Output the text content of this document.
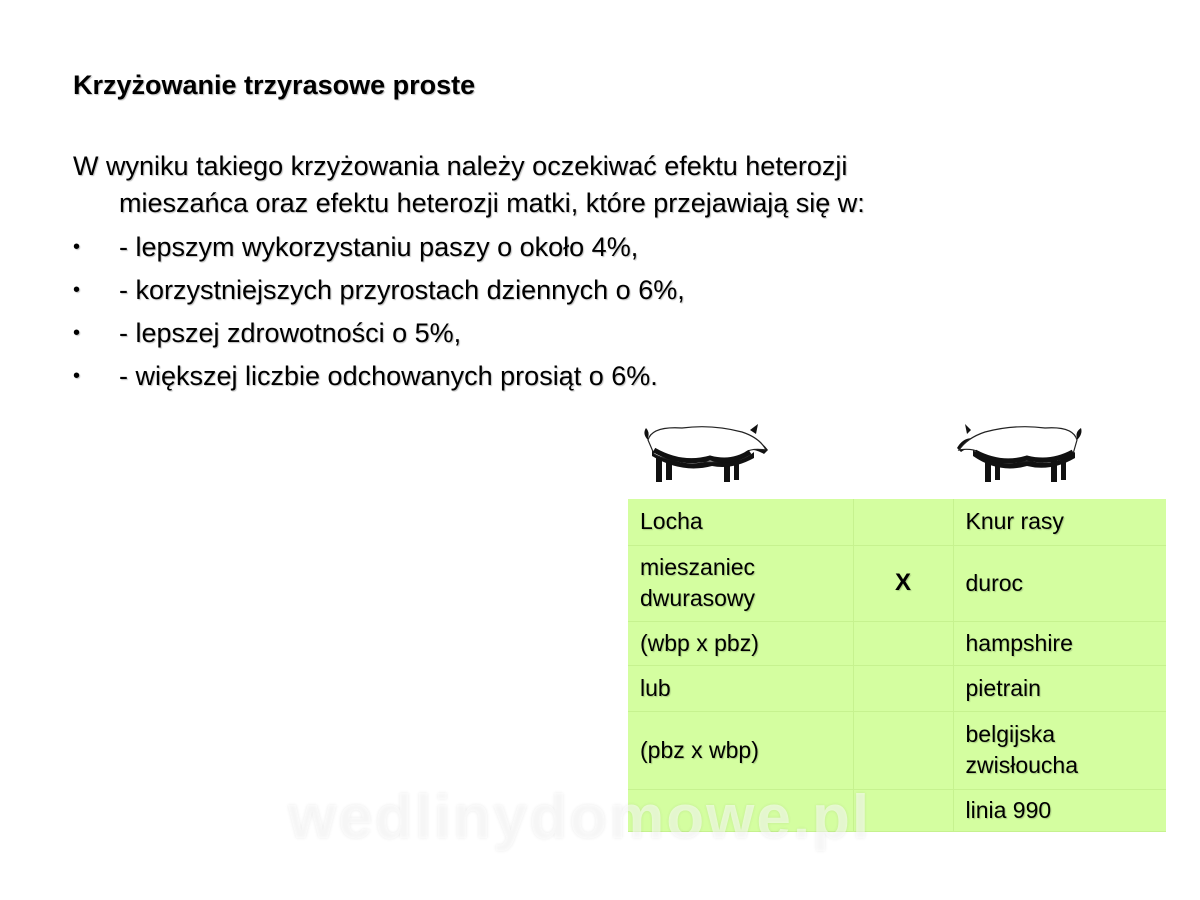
Krzyżowanie trzyrasowe proste
W wyniku takiego krzyżowania należy oczekiwać efektu heterozji
mieszańca oraz efektu heterozji matki, które przejawiają się w:
• - lepszym wykorzystaniu paszy o około 4%,
• - korzystniejszych przyrostach dziennych o 6%,
• - lepszej zdrowotności o 5%,
• - większej liczbie odchowanych prosiąt o 6%.
Locha		Knur rasy
mieszaniec dwurasowy	X	duroc
(wbp x pbz)		hampshire
lub		pietrain
(pbz x wbp)		belgijska zwisłoucha
		linia 990
wedlinydomowe.pl
